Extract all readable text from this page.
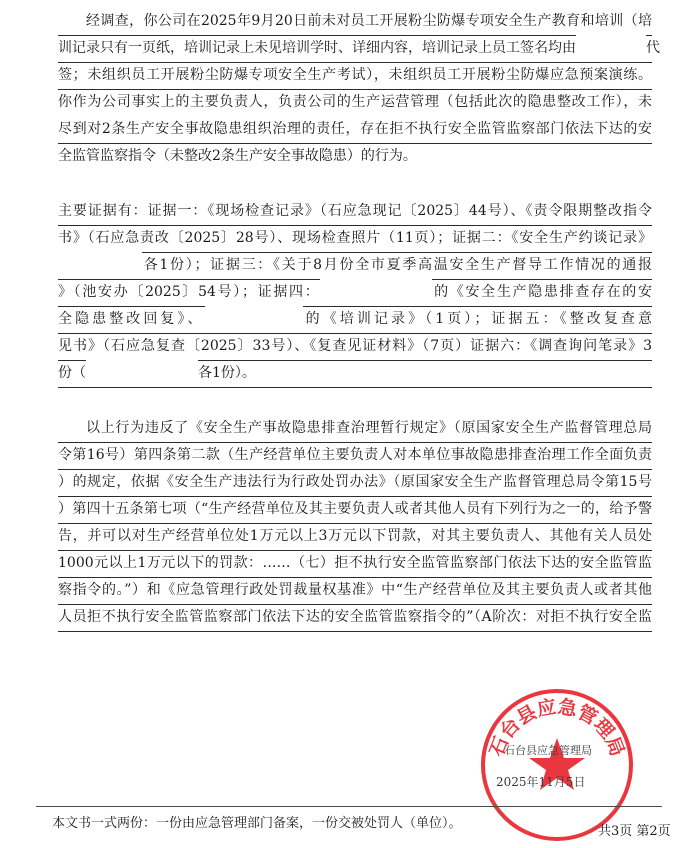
经调查，你公司在2025年9月20日前未对员工开展粉尘防爆专项安全生产教育和培训（培
训记录只有一页纸，培训记录上未见培训学时、详细内容，培训记录上员工签名均由　　　　　	代
签；未组织员工开展粉尘防爆专项安全生产考试），未组织员工开展粉尘防爆应急预案演练。
你作为公司事实上的主要负责人，负责公司的生产运营管理（包括此次的隐患整改工作），未
尽到对2条生产安全事故隐患组织治理的责任，存在拒不执行安全监管监察部门依法下达的安
全监管监察指令（未整改2条生产安全事故隐患）的行为。
主要证据有：证据一：《现场检查记录》（石应急现记〔2025〕44号）、《责令限期整改指令
书》（石应急责改〔2025〕28号）、现场检查照片（11页）；证据二：《安全生产约谈记录》
　　　　　　各1份）；证据三：《关于8月份全市夏季高温安全生产督导工作情况的通报
》（池安办〔2025〕54号）；证据四：　　　　　　　　	的《安全生产隐患排查存在的安
全隐患整改回复》、　　　　　　　	的《培训记录》（1页）；证据五：《整改复查意
见书》（石应急复查〔2025〕33号）、《复查见证材料》（7页）证据六：《调查询问笔录》3
份（　　　　　　　　	各1份）。
以上行为违反了《安全生产事故隐患排查治理暂行规定》（原国家安全生产监督管理总局
令第16号）第四条第二款（生产经营单位主要负责人对本单位事故隐患排查治理工作全面负责
）的规定，依据《安全生产违法行为行政处罚办法》（原国家安全生产监督管理总局令第15号
）第四十五条第七项（“生产经营单位及其主要负责人或者其他人员有下列行为之一的，给予警
告，并可以对生产经营单位处1万元以上3万元以下罚款，对其主要负责人、其他有关人员处
1000元以上1万元以下的罚款：……（七）拒不执行安全监管监察部门依法下达的安全监管监
察指令的。”）和《应急管理行政处罚裁量权基准》中“生产经营单位及其主要负责人或者其他
人员拒不执行安全监管监察部门依法下达的安全监管监察指令的”（A阶次：对拒不执行安全监
石台县应急管理局
石台县应急管理局
2025年11月5日
本文书一式两份：一份由应急管理部门备案，一份交被处罚人（单位）。
共3页 第2页
